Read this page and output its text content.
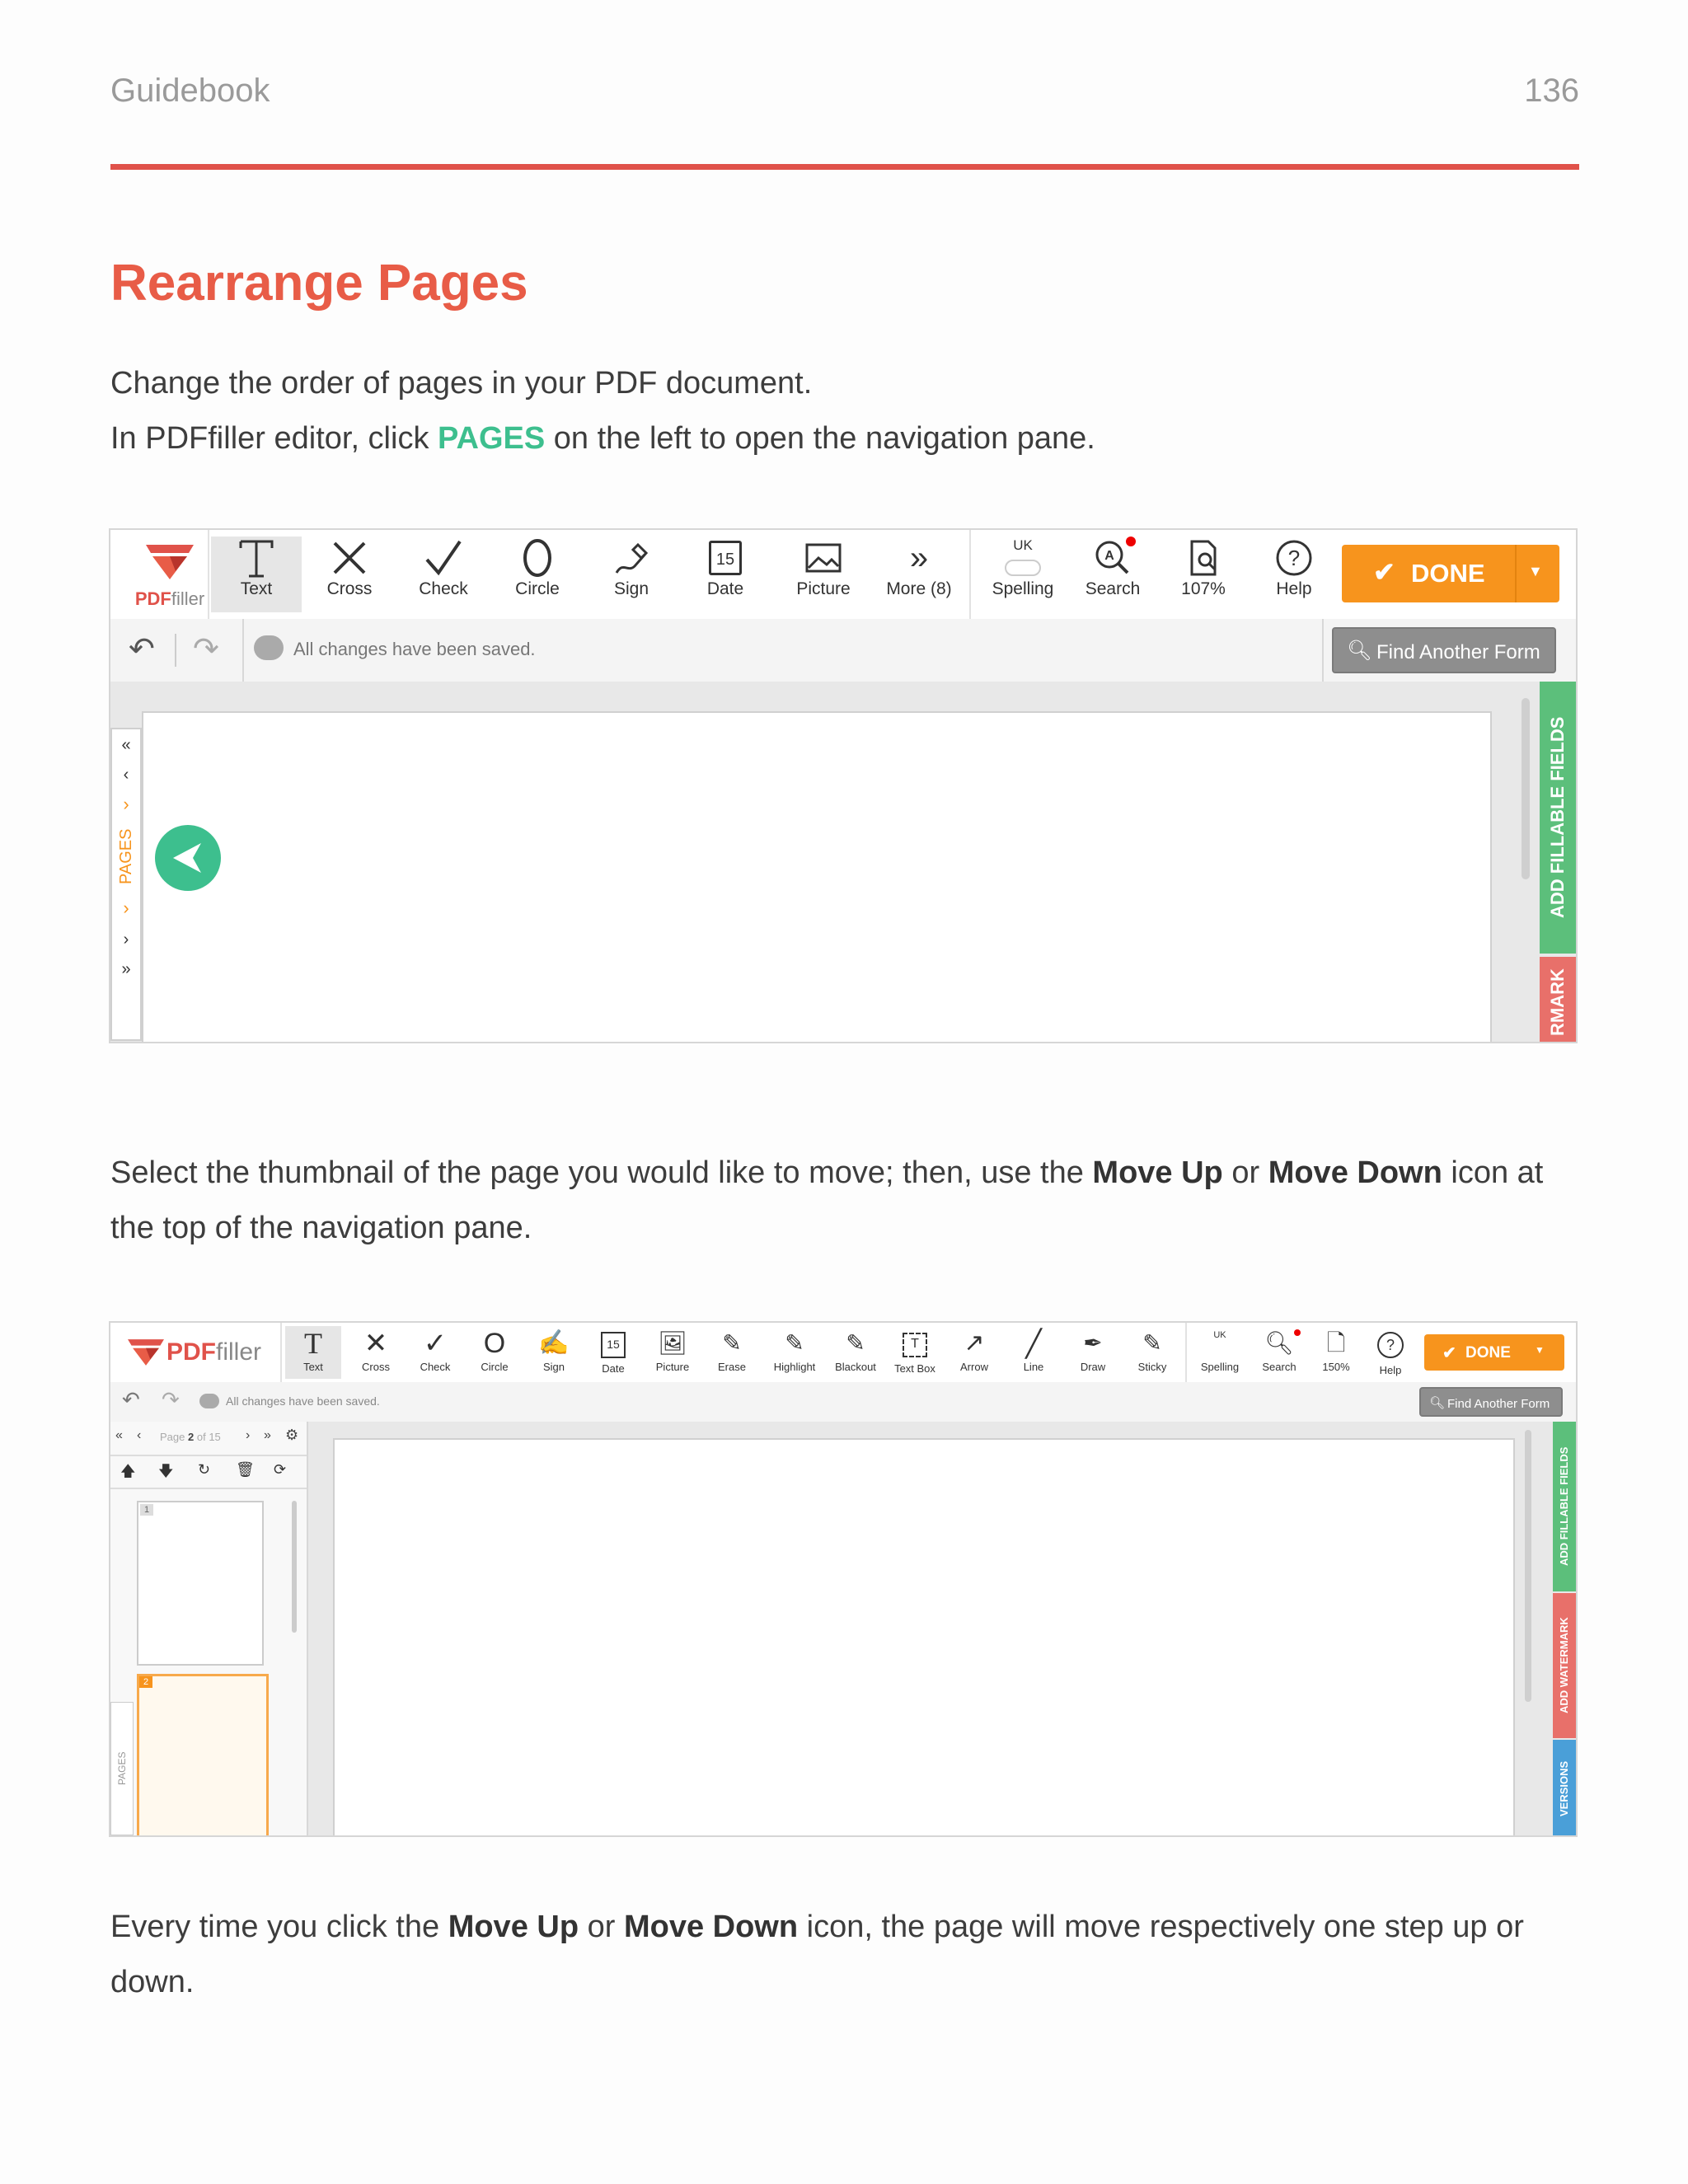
Guidebook	136
Rearrange Pages
Change the order of pages in your PDF document.
In PDFfiller editor, click PAGES on the left to open the navigation pane.
PDFfiller	Text	Cross	Check	Circle	Sign
15
Date	Picture
»
More (8)
UK
Spelling
A
Search	107%
?
Help
✔ DONE	▼
↶ ↷	All changes have been saved.	🔍︎ Find Another Form
«
‹
›
PAGES
›
›
»
ADD FILLABLE FIELDS
RMARK
Select the thumbnail of the page you would like to move; then, use the Move Up or Move Down icon at the top of the navigation pane.
PDFfiller	T
Text
✕
Cross
✓
Check
O
Circle
✍
Sign
15
Date
🖼︎
Picture
✎
Erase
✎
Highlight
✎
Blackout
T
Text Box
↗
Arrow
╱
Line
✒
Draw
✎
Sticky
UK
Spelling
🔍︎
Search
🗋
150%
?
Help
✔ DONE ▼
↶ ↷	All changes have been saved.	🔍︎ Find Another Form
« ‹ Page 2 of 15 › » ⚙
🡅 🡇 ↻ 🗑 ⟳
1
2
PAGES
ADD FILLABLE FIELDS
ADD WATERMARK
VERSIONS
Every time you click the Move Up or Move Down icon, the page will move respectively one step up or down.
